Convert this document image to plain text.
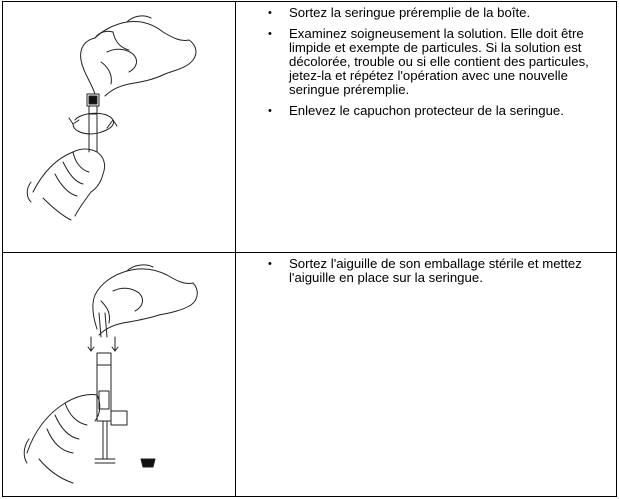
• Sortez la seringue préremplie de la boîte.
• Examinez soigneusement la solution. Elle doit être limpide et exempte de particules. Si la solution est décolorée, trouble ou si elle contient des particules, jetez-la et répétez l'opération avec une nouvelle seringue préremplie.
• Enlevez le capuchon protecteur de la seringue.
• Sortez l'aiguille de son emballage stérile et mettez l'aiguille en place sur la seringue.
